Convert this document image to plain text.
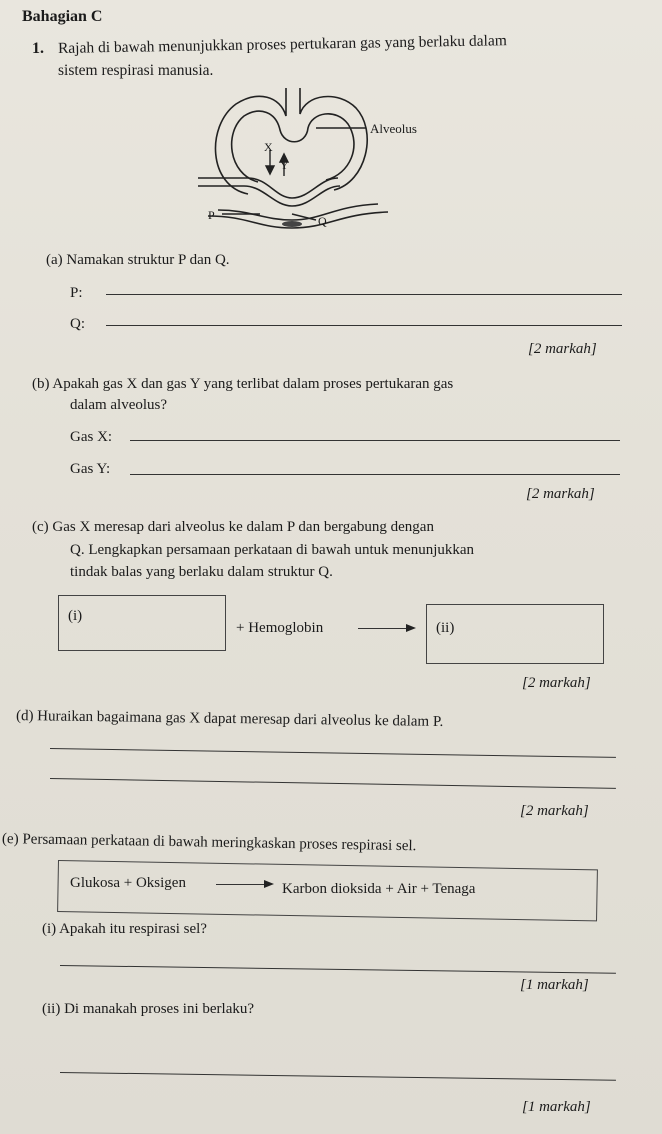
Bahagian C
1. Rajah di bawah menunjukkan proses pertukaran gas yang berlaku dalam
sistem respirasi manusia.
Alveolus
X
Y
P	Q
(a) Namakan struktur P dan Q.
P:
Q:
[2 markah]
(b) Apakah gas X dan gas Y yang terlibat dalam proses pertukaran gas
dalam alveolus?
Gas X:
Gas Y:
[2 markah]
(c) Gas X meresap dari alveolus ke dalam P dan bergabung dengan
Q. Lengkapkan persamaan perkataan di bawah untuk menunjukkan
tindak balas yang berlaku dalam struktur Q.
(i)
+ Hemoglobin	(ii)
[2 markah]
(d) Huraikan bagaimana gas X dapat meresap dari alveolus ke dalam P.
[2 markah]
(e) Persamaan perkataan di bawah meringkaskan proses respirasi sel.
Glukosa + Oksigen	Karbon dioksida + Air + Tenaga
(i) Apakah itu respirasi sel?
[1 markah]
(ii) Di manakah proses ini berlaku?
[1 markah]
